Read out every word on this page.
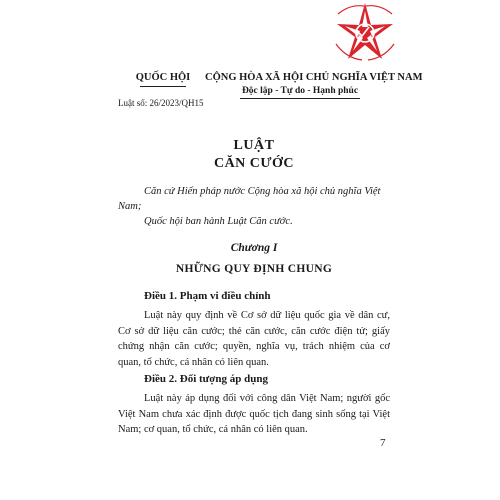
QUỐC HỘI
Luật số: 26/2023/QH15
CỘNG HÒA XÃ HỘI CHỦ NGHĨA VIỆT NAM
Độc lập - Tự do - Hạnh phúc
LUẬT
CĂN CƯỚC
Căn cứ Hiến pháp nước Cộng hòa xã hội chủ nghĩa Việt Nam;
Quốc hội ban hành Luật Căn cước.
Chương I
NHỮNG QUY ĐỊNH CHUNG
Điều 1. Phạm vi điều chỉnh
Luật này quy định về Cơ sở dữ liệu quốc gia về dân cư, Cơ sở dữ liệu căn cước; thẻ căn cước, căn cước điện tử; giấy chứng nhận căn cước; quyền, nghĩa vụ, trách nhiệm của cơ quan, tổ chức, cá nhân có liên quan.
Điều 2. Đối tượng áp dụng
Luật này áp dụng đối với công dân Việt Nam; người gốc Việt Nam chưa xác định được quốc tịch đang sinh sống tại Việt Nam; cơ quan, tổ chức, cá nhân có liên quan.
7
